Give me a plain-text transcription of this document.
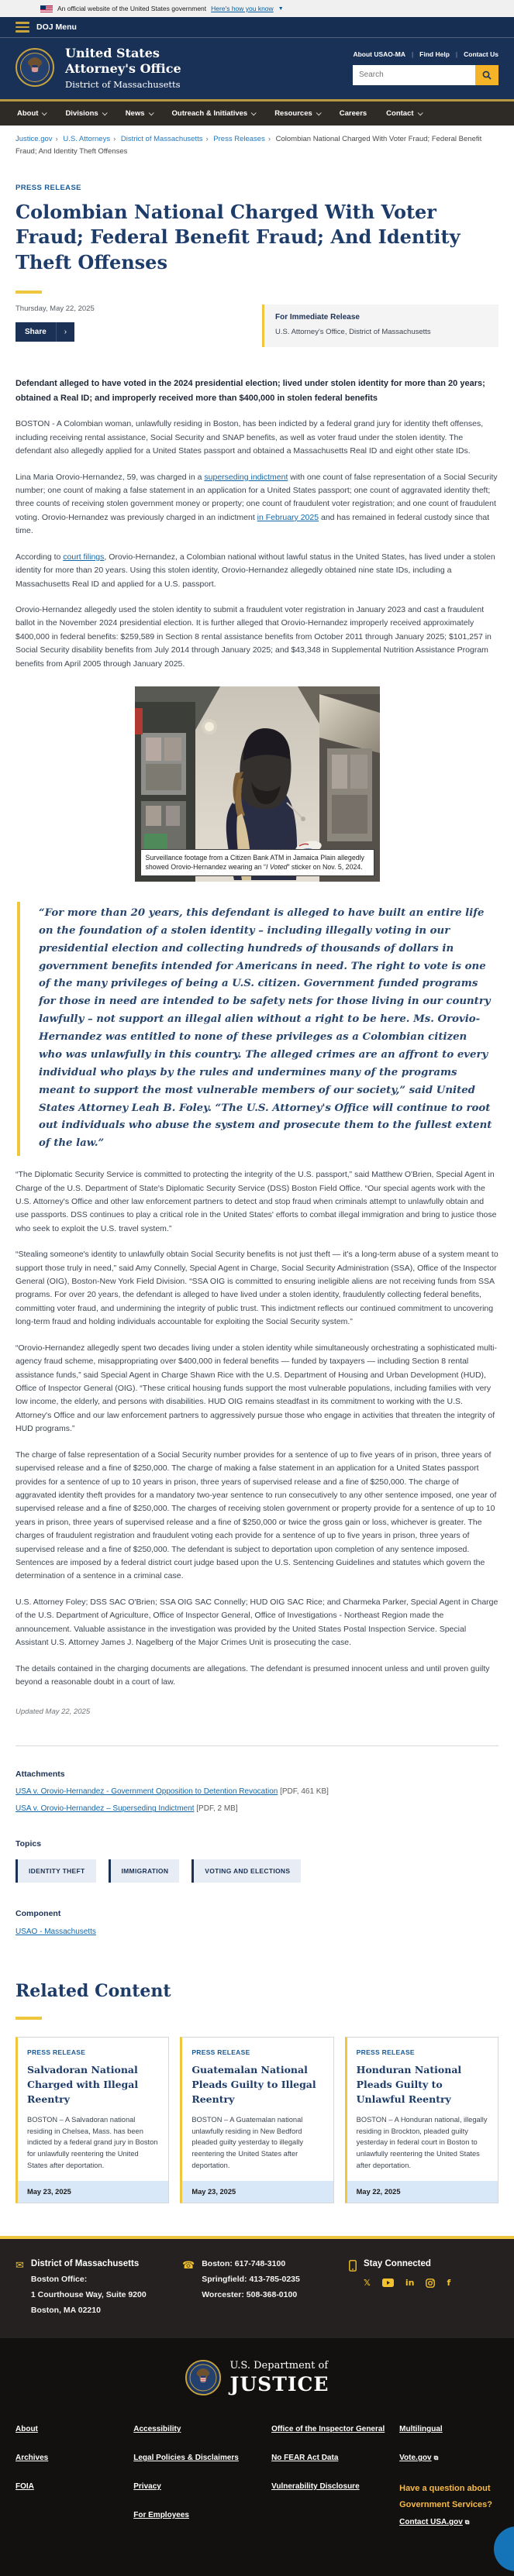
An official website of the United States government Here's how you know ▼
DOJ Menu
United States
Attorney's Office
District of Massachusetts
About USAO-MA | Find Help | Contact Us
Search
About	Divisions	News	Outreach & Initiatives	Resources	Careers	Contact
Justice.gov › U.S. Attorneys › District of Massachusetts › Press Releases › Colombian National Charged With Voter Fraud; Federal Benefit Fraud; And Identity Theft Offenses
PRESS RELEASE
Colombian National Charged With Voter Fraud; Federal Benefit Fraud; And Identity Theft Offenses
Thursday, May 22, 2025
Share	›
For Immediate Release
U.S. Attorney's Office, District of Massachusetts

Defendant alleged to have voted in the 2024 presidential election; lived under stolen identity for more than 20 years; obtained a Real ID; and improperly received more than $400,000 in stolen federal benefits

BOSTON - A Colombian woman, unlawfully residing in Boston, has been indicted by a federal grand jury for identity theft offenses, including receiving rental assistance, Social Security and SNAP benefits, as well as voter fraud under the stolen identity. The defendant also allegedly applied for a United States passport and obtained a Massachusetts Real ID and eight other state IDs.

Lina Maria Orovio-Hernandez, 59, was charged in a superseding indictment with one count of false representation of a Social Security number; one count of making a false statement in an application for a United States passport; one count of aggravated identity theft; three counts of receiving stolen government money or property; one count of fraudulent voter registration; and one count of fraudulent voting. Orovio-Hernandez was previously charged in an indictment in February 2025 and has remained in federal custody since that time.

According to court filings, Orovio-Hernandez, a Colombian national without lawful status in the United States, has lived under a stolen identity for more than 20 years. Using this stolen identity, Orovio-Hernandez allegedly obtained nine state IDs, including a Massachusetts Real ID and applied for a U.S. passport.

Orovio-Hernandez allegedly used the stolen identity to submit a fraudulent voter registration in January 2023 and cast a fraudulent ballot in the November 2024 presidential election. It is further alleged that Orovio-Hernandez improperly received approximately $400,000 in federal benefits: $259,589 in Section 8 rental assistance benefits from October 2011 through January 2025; $101,257 in Social Security disability benefits from July 2014 through January 2025; and $43,348 in Supplemental Nutrition Assistance Program benefits from April 2005 through January 2025.

Surveillance footage from a Citizen Bank ATM in Jamaica Plain allegedly showed Orovio-Hernandez wearing an “I Voted” sticker on Nov. 5, 2024.
“For more than 20 years, this defendant is alleged to have built an entire life on the foundation of a stolen identity – including illegally voting in our presidential election and collecting hundreds of thousands of dollars in government benefits intended for Americans in need. The right to vote is one of the many privileges of being a U.S. citizen. Government funded programs for those in need are intended to be safety nets for those living in our country lawfully – not support an illegal alien without a right to be here. Ms. Orovio-Hernandez was entitled to none of these privileges as a Colombian citizen who was unlawfully in this country. The alleged crimes are an affront to every individual who plays by the rules and undermines many of the programs meant to support the most vulnerable members of our society,” said United States Attorney Leah B. Foley. “The U.S. Attorney's Office will continue to root out individuals who abuse the system and prosecute them to the fullest extent of the law.”

“The Diplomatic Security Service is committed to protecting the integrity of the U.S. passport,” said Matthew O'Brien, Special Agent in Charge of the U.S. Department of State's Diplomatic Security Service (DSS) Boston Field Office. “Our special agents work with the U.S. Attorney's Office and other law enforcement partners to detect and stop fraud when criminals attempt to unlawfully obtain and use passports. DSS continues to play a critical role in the United States' efforts to combat illegal immigration and bring to justice those who seek to exploit the U.S. travel system.”

“Stealing someone's identity to unlawfully obtain Social Security benefits is not just theft — it's a long-term abuse of a system meant to support those truly in need,” said Amy Connelly, Special Agent in Charge, Social Security Administration (SSA), Office of the Inspector General (OIG), Boston-New York Field Division. “SSA OIG is committed to ensuring ineligible aliens are not receiving funds from SSA programs. For over 20 years, the defendant is alleged to have lived under a stolen identity, fraudulently collecting federal benefits, committing voter fraud, and undermining the integrity of public trust. This indictment reflects our continued commitment to uncovering long-term fraud and holding individuals accountable for exploiting the Social Security system.”

“Orovio-Hernandez allegedly spent two decades living under a stolen identity while simultaneously orchestrating a sophisticated multi-agency fraud scheme, misappropriating over $400,000 in federal benefits — funded by taxpayers — including Section 8 rental assistance funds,” said Special Agent in Charge Shawn Rice with the U.S. Department of Housing and Urban Development (HUD), Office of Inspector General (OIG). “These critical housing funds support the most vulnerable populations, including families with very low income, the elderly, and persons with disabilities. HUD OIG remains steadfast in its commitment to working with the U.S. Attorney's Office and our law enforcement partners to aggressively pursue those who engage in activities that threaten the integrity of HUD programs.”

The charge of false representation of a Social Security number provides for a sentence of up to five years of in prison, three years of supervised release and a fine of $250,000. The charge of making a false statement in an application for a United States passport provides for a sentence of up to 10 years in prison, three years of supervised release and a fine of $250,000. The charge of aggravated identity theft provides for a mandatory two-year sentence to run consecutively to any other sentence imposed, one year of supervised release and a fine of $250,000. The charges of receiving stolen government or property provide for a sentence of up to 10 years in prison, three years of supervised release and a fine of $250,000 or twice the gross gain or loss, whichever is greater. The charges of fraudulent registration and fraudulent voting each provide for a sentence of up to five years in prison, three years of supervised release and a fine of $250,000. The defendant is subject to deportation upon completion of any sentence imposed. Sentences are imposed by a federal district court judge based upon the U.S. Sentencing Guidelines and statutes which govern the determination of a sentence in a criminal case.

U.S. Attorney Foley; DSS SAC O'Brien; SSA OIG SAC Connelly; HUD OIG SAC Rice; and Charmeka Parker, Special Agent in Charge of the U.S. Department of Agriculture, Office of Inspector General, Office of Investigations - Northeast Region made the announcement. Valuable assistance in the investigation was provided by the United States Postal Inspection Service. Special Assistant U.S. Attorney James J. Nagelberg of the Major Crimes Unit is prosecuting the case.

The details contained in the charging documents are allegations. The defendant is presumed innocent unless and until proven guilty beyond a reasonable doubt in a court of law.

Updated May 22, 2025
Attachments
USA v. Orovio-Hernandez - Government Opposition to Detention Revocation [PDF, 461 KB]
USA v. Orovio-Hernandez – Superseding Indictment [PDF, 2 MB]
Topics
IDENTITY THEFT	IMMIGRATION	VOTING AND ELECTIONS
Component
USAO - Massachusetts
Related Content
PRESS RELEASE
Salvadoran National Charged with Illegal Reentry
BOSTON – A Salvadoran national residing in Chelsea, Mass. has been indicted by a federal grand jury in Boston for unlawfully reentering the United States after deportation.
May 23, 2025
PRESS RELEASE
Guatemalan National Pleads Guilty to Illegal Reentry
BOSTON – A Guatemalan national unlawfully residing in New Bedford pleaded guilty yesterday to illegally reentering the United States after deportation.
May 23, 2025
PRESS RELEASE
Honduran National Pleads Guilty to Unlawful Reentry
BOSTON – A Honduran national, illegally residing in Brockton, pleaded guilty yesterday in federal court in Boston to unlawfully reentering the United States after deportation.
May 22, 2025
✉ District of Massachusetts
Boston Office:
1 Courthouse Way, Suite 9200
Boston, MA 02210
☎ Boston: 617-748-3100
Springfield: 413-785-0235
Worcester: 508-368-0100
Stay Connected
𝕏	in	f
U.S. Department of
JUSTICE
About
Archives
FOIA
Accessibility
Legal Policies & Disclaimers
Privacy
For Employees
Office of the Inspector General
No FEAR Act Data
Vulnerability Disclosure
Multilingual
Vote.gov ⧉
Have a question about Government Services?
Contact USA.gov ⧉
